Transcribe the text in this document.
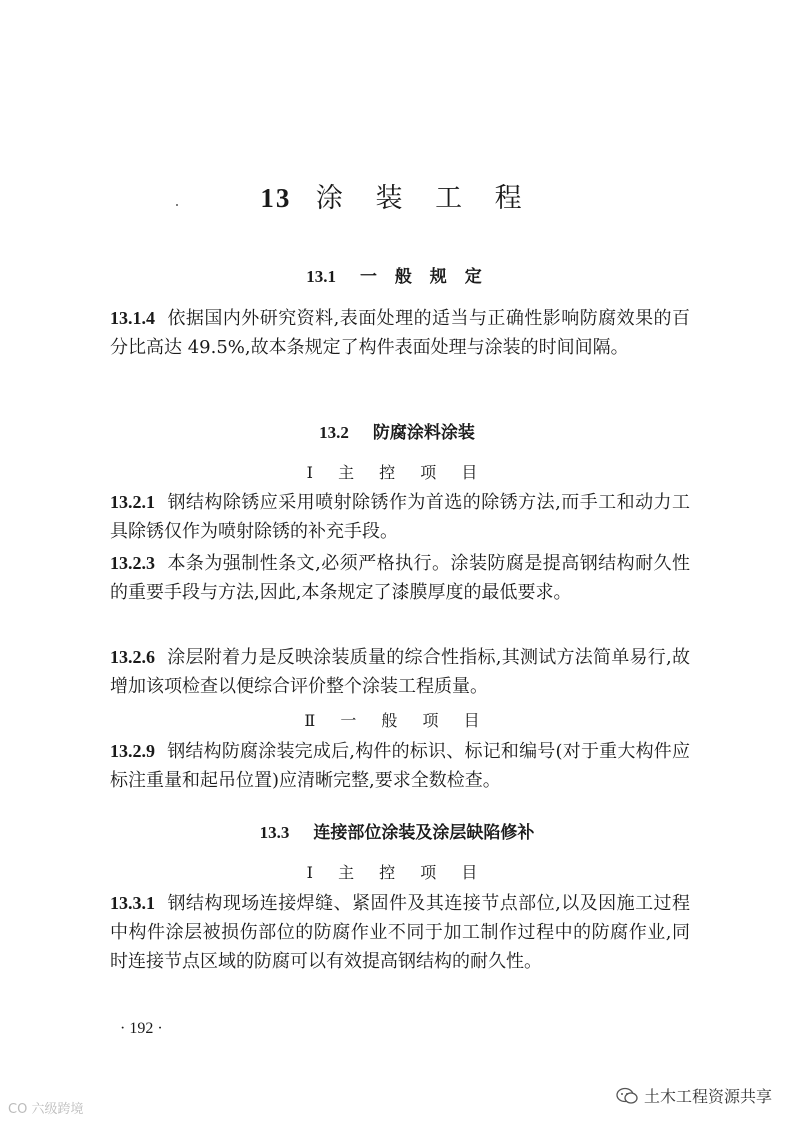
13 涂 装 工 程
13.1 一 般 规 定
13.1.4 依据国内外研究资料,表面处理的适当与正确性影响防腐效果的百分比高达 49.5%,故本条规定了构件表面处理与涂装的时间间隔。
13.2 防腐涂料涂装
Ⅰ 主 控 项 目
13.2.1 钢结构除锈应采用喷射除锈作为首选的除锈方法,而手工和动力工具除锈仅作为喷射除锈的补充手段。
13.2.3 本条为强制性条文,必须严格执行。涂装防腐是提高钢结构耐久性的重要手段与方法,因此,本条规定了漆膜厚度的最低要求。
13.2.6 涂层附着力是反映涂装质量的综合性指标,其测试方法简单易行,故增加该项检查以便综合评价整个涂装工程质量。
Ⅱ 一 般 项 目
13.2.9 钢结构防腐涂装完成后,构件的标识、标记和编号(对于重大构件应标注重量和起吊位置)应清晰完整,要求全数检查。
13.3 连接部位涂装及涂层缺陷修补
Ⅰ 主 控 项 目
13.3.1 钢结构现场连接焊缝、紧固件及其连接节点部位,以及因施工过程中构件涂层被损伤部位的防腐作业不同于加工制作过程中的防腐作业,同时连接节点区域的防腐可以有效提高钢结构的耐久性。
· 192 ·
土木工程资源共享
CO 六级跨境
